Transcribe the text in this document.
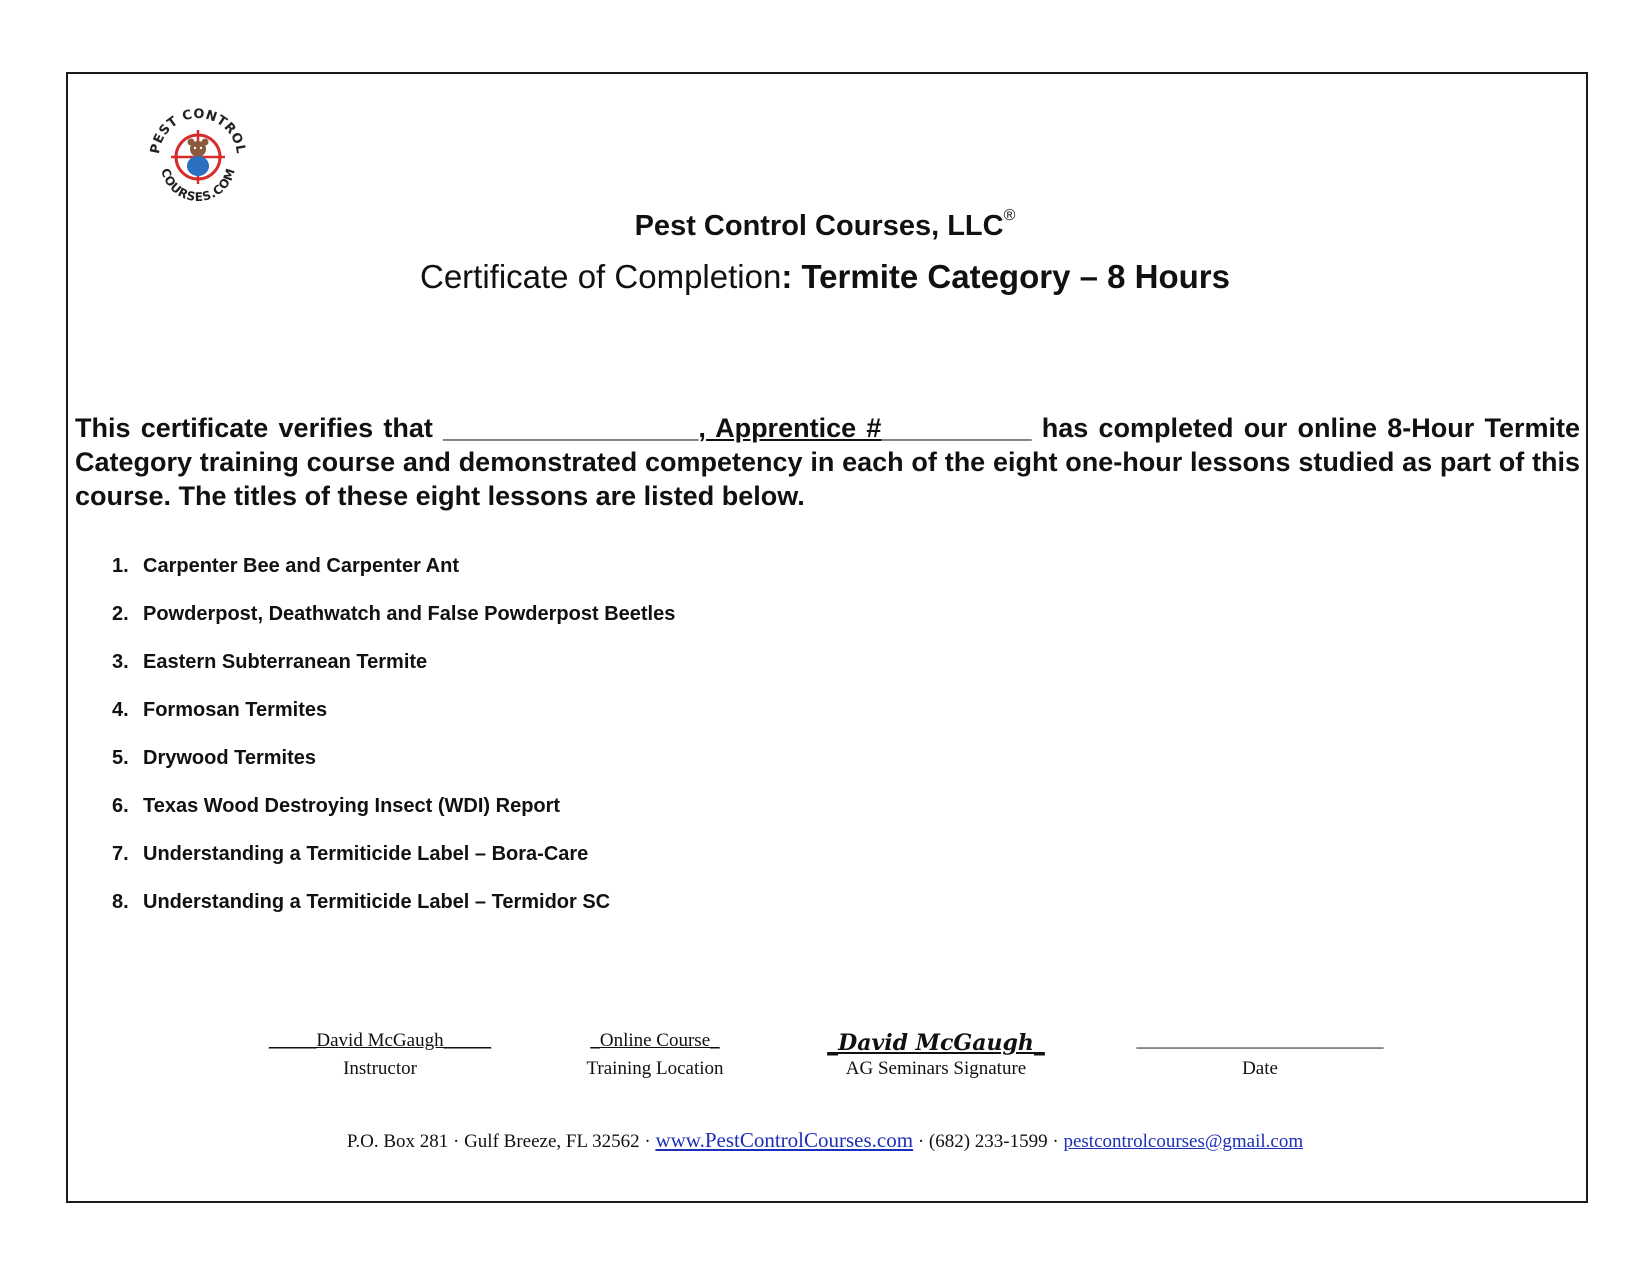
PEST CONTROL
COURSES.COM
Pest Control Courses, LLC®
Certificate of Completion: Termite Category – 8 Hours
This certificate verifies that _________________, Apprentice #__________ has completed our online 8-Hour Termite Category training course and demonstrated competency in each of the eight one-hour lessons studied as part of this course. The titles of these eight lessons are listed below.
1. Carpenter Bee and Carpenter Ant
2. Powderpost, Deathwatch and False Powderpost Beetles
3. Eastern Subterranean Termite
4. Formosan Termites
5. Drywood Termites
6. Texas Wood Destroying Insect (WDI) Report
7. Understanding a Termiticide Label – Bora-Care
8. Understanding a Termiticide Label – Termidor SC
_____David McGaugh_____
Instructor
_Online Course_
Training Location
_David McGaugh_
AG Seminars Signature
__________________________
Date
P.O. Box 281 · Gulf Breeze, FL 32562 · www.PestControlCourses.com · (682) 233-1599 · pestcontrolcourses@gmail.com
